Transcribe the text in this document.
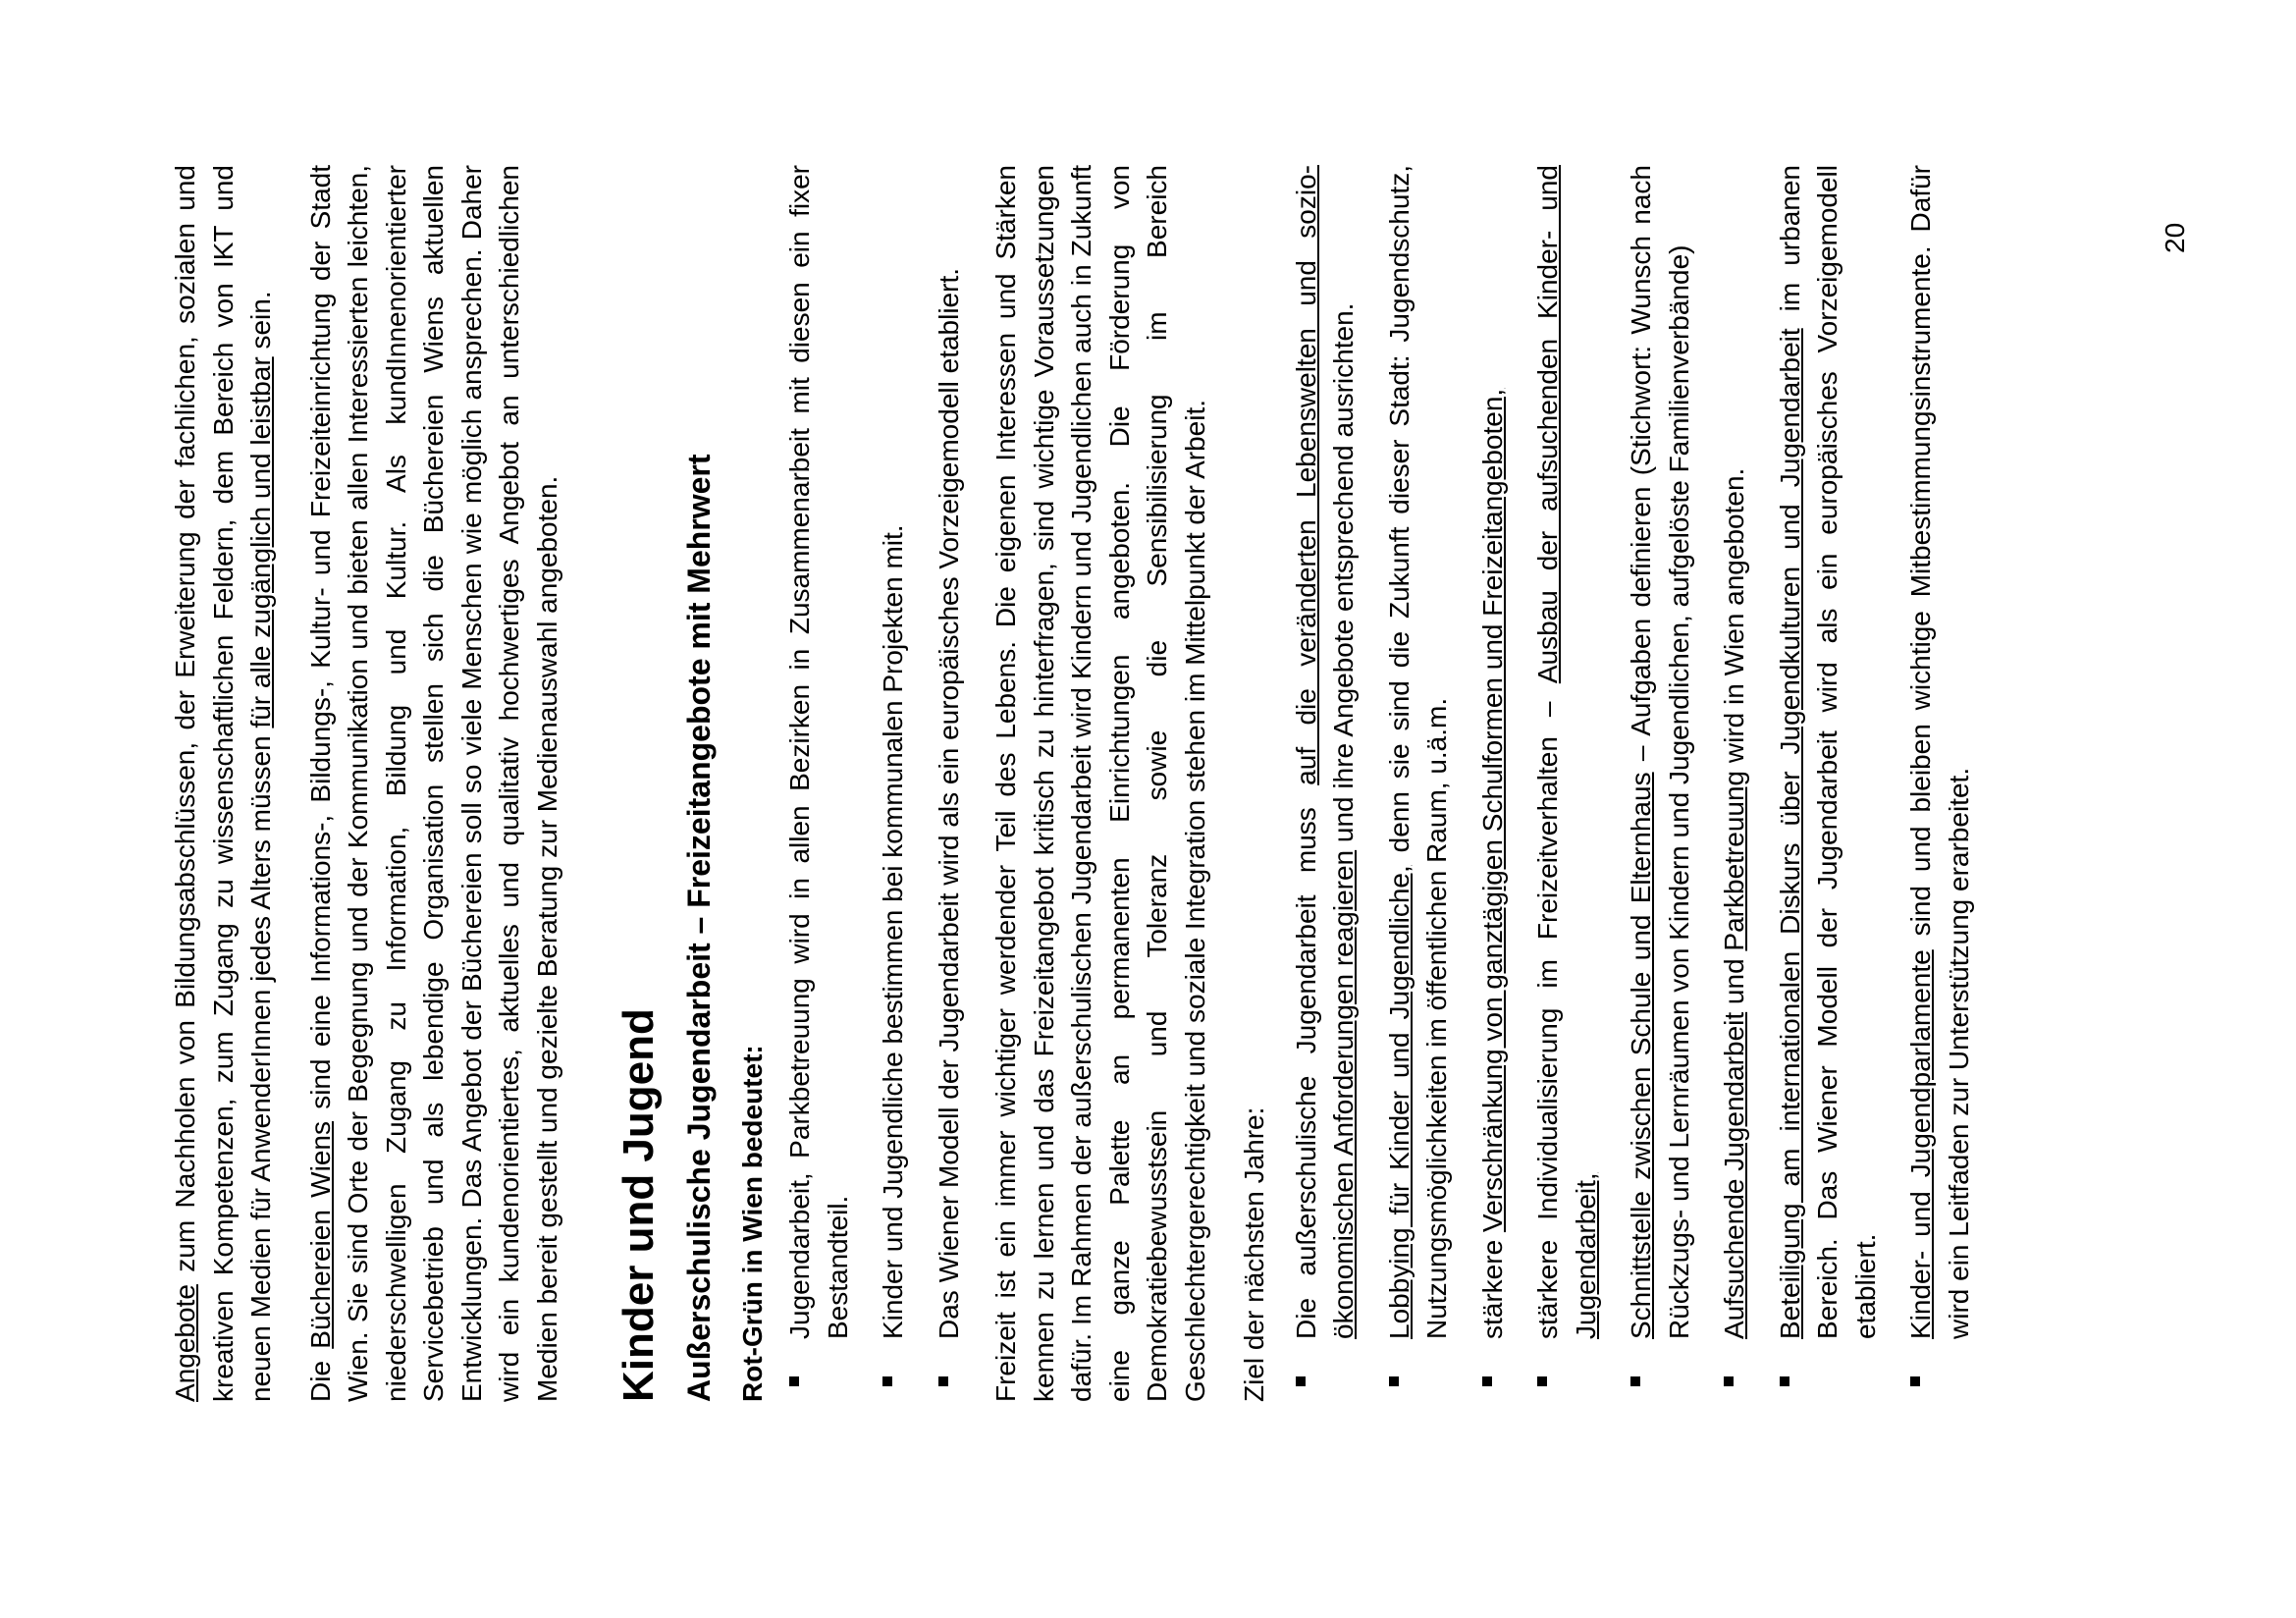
Angebote zum Nachholen von Bildungsabschlüssen, der Erweiterung der fachlichen, sozialen und kreativen Kompetenzen, zum Zugang zu wissenschaftlichen Feldern, dem Bereich von IKT und neuen Medien für AnwenderInnen jedes Alters müssen für alle zugänglich und leistbar sein.

Die Büchereien Wiens sind eine Informations-, Bildungs-, Kultur- und Freizeiteinrichtung der Stadt Wien. Sie sind Orte der Begegnung und der Kommunikation und bieten allen Interessierten leichten, niederschwelligen Zugang zu Information, Bildung und Kultur. Als kundInnenorientierter Servicebetrieb und als lebendige Organisation stellen sich die Büchereien Wiens aktuellen Entwicklungen. Das Angebot der Büchereien soll so viele Menschen wie möglich ansprechen. Daher wird ein kundenorientiertes, aktuelles und qualitativ hochwertiges Angebot an unterschiedlichen Medien bereit gestellt und gezielte Beratung zur Medienauswahl angeboten. Kinder und Jugend Außerschulische Jugendarbeit – Freizeitangebote mit Mehrwert Rot-Grün in Wien bedeutet: Jugendarbeit, Parkbetreuung wird in allen Bezirken in Zusammenarbeit mit diesen ein fixer Bestandteil. Kinder und Jugendliche bestimmen bei kommunalen Projekten mit. Das Wiener Modell der Jugendarbeit wird als ein europäisches Vorzeigemodell etabliert. Freizeit ist ein immer wichtiger werdender Teil des Lebens. Die eigenen Interessen und Stärken kennen zu lernen und das Freizeitangebot kritisch zu hinterfragen, sind wichtige Voraussetzungen dafür. Im Rahmen der außerschulischen Jugendarbeit wird Kindern und Jugendlichen auch in Zukunft eine ganze Palette an permanenten Einrichtungen angeboten. Die Förderung von Demokratiebewusstsein und Toleranz sowie die Sensibilisierung im Bereich Geschlechtergerechtigkeit und soziale Integration stehen im Mittelpunkt der Arbeit. Ziel der nächsten Jahre: Die außerschulische Jugendarbeit muss auf die veränderten Lebenswelten und sozio-ökonomischen Anforderungen reagieren und ihre Angebote entsprechend ausrichten.
Lobbying für Kinder und Jugendliche, denn sie sind die Zukunft dieser Stadt: Jugendschutz, Nutzungsmöglichkeiten im öffentlichen Raum, u.ä.m. stärkere Verschränkung von ganztägigen Schulformen und Freizeitangeboten, stärkere Individualisierung im Freizeitverhalten – Ausbau der aufsuchenden Kinder- und Jugendarbeit, Schnittstelle zwischen Schule und Elternhaus – Aufgaben definieren (Stichwort: Wunsch nach Rückzugs- und Lernräumen von Kindern und Jugendlichen, aufgelöste Familienverbände) Aufsuchende Jugendarbeit und Parkbetreuung wird in Wien angeboten. Beteiligung am internationalen Diskurs über Jugendkulturen und Jugendarbeit im urbanen Bereich. Das Wiener Modell der Jugendarbeit wird als ein europäisches Vorzeigemodell etabliert. Kinder- und Jugendparlamente sind und bleiben wichtige Mitbestimmungsinstrumente. Dafür wird ein Leitfaden zur Unterstützung erarbeitet.
20
